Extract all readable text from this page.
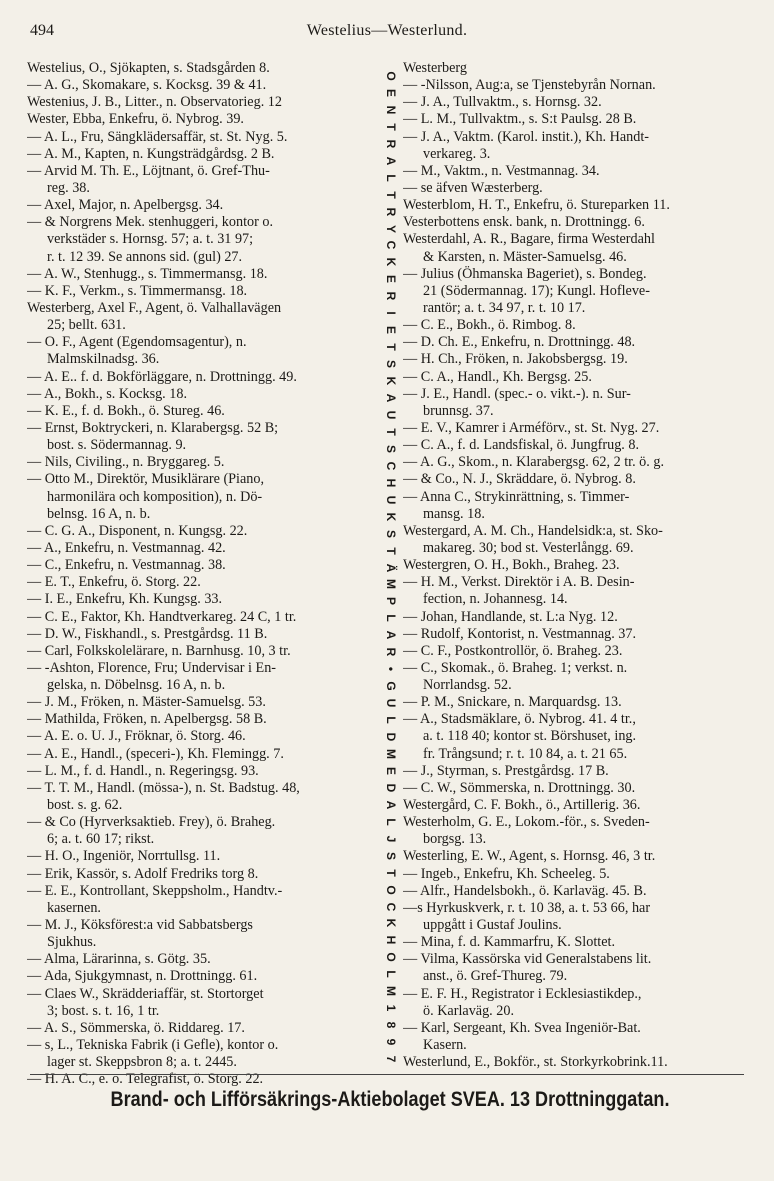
494	Westelius—Westerlund.
Westelius, O., Sjökapten, s. Stadsgården 8.
— A. G., Skomakare, s. Kocksg. 39 & 41.
Westenius, J. B., Litter., n. Observatorieg. 12
Wester, Ebba, Enkefru, ö. Nybrog. 39.
— A. L., Fru, Sängklädersaffär, st. St. Nyg. 5.
— A. M., Kapten, n. Kungsträdgårdsg. 2 B.
— Arvid M. Th. E., Löjtnant, ö. Gref-Thu-
reg. 38.
— Axel, Major, n. Apelbergsg. 34.
— & Norgrens Mek. stenhuggeri, kontor o.
verkstäder s. Hornsg. 57; a. t. 31 97;
r. t. 12 39. Se annons sid. (gul) 27.
— A. W., Stenhugg., s. Timmermansg. 18.
— K. F., Verkm., s. Timmermansg. 18.
Westerberg, Axel F., Agent, ö. Valhallavägen
25; bellt. 631.
— O. F., Agent (Egendomsagentur), n.
Malmskilnadsg. 36.
— A. E.. f. d. Bokförläggare, n. Drottningg. 49.
— A., Bokh., s. Kocksg. 18.
— K. E., f. d. Bokh., ö. Stureg. 46.
— Ernst, Boktryckeri, n. Klarabergsg. 52 B;
bost. s. Södermannag. 9.
— Nils, Civiling., n. Bryggareg. 5.
— Otto M., Direktör, Musiklärare (Piano,
harmonilära och komposition), n. Dö-
belnsg. 16 A, n. b.
— C. G. A., Disponent, n. Kungsg. 22.
— A., Enkefru, n. Vestmannag. 42.
— C., Enkefru, n. Vestmannag. 38.
— E. T., Enkefru, ö. Storg. 22.
— I. E., Enkefru, Kh. Kungsg. 33.
— C. E., Faktor, Kh. Handtverkareg. 24 C, 1 tr.
— D. W., Fiskhandl., s. Prestgårdsg. 11 B.
— Carl, Folkskolelärare, n. Barnhusg. 10, 3 tr.
— -Ashton, Florence, Fru; Undervisar i En-
gelska, n. Döbelnsg. 16 A, n. b.
— J. M., Fröken, n. Mäster-Samuelsg. 53.
— Mathilda, Fröken, n. Apelbergsg. 58 B.
— A. E. o. U. J., Fröknar, ö. Storg. 46.
— A. E., Handl., (speceri-), Kh. Flemingg. 7.
— L. M., f. d. Handl., n. Regeringsg. 93.
— T. T. M., Handl. (mössa-), n. St. Badstug. 48,
bost. s. g. 62.
— & Co (Hyrverksaktieb. Frey), ö. Braheg.
6; a. t. 60 17; rikst.
— H. O., Ingeniör, Norrtullsg. 11.
— Erik, Kassör, s. Adolf Fredriks torg 8.
— E. E., Kontrollant, Skeppsholm., Handtv.-
kasernen.
— M. J., Köksförest:a vid Sabbatsbergs
Sjukhus.
— Alma, Lärarinna, s. Götg. 35.
— Ada, Sjukgymnast, n. Drottningg. 61.
— Claes W., Skrädderiaffär, st. Stortorget
3; bost. s. t. 16, 1 tr.
— A. S., Sömmerska, ö. Riddareg. 17.
— s, L., Tekniska Fabrik (i Gefle), kontor o.
lager st. Skeppsbron 8; a. t. 2445.
— H. A. C., e. o. Telegrafist, ö. Storg. 22.
O
E
N
T
R
A
L
T
R
Y
C
K
E
R
I
E
T
S
K
A
U
T
S
C
H
U
K
S
T
Ä
M
P
L
A
R
•
G
U
L
D
M
E
D
A
L
J
S
T
O
C
K
H
O
L
M
1
8
9
7
Westerberg
— -Nilsson, Aug:a, se Tjenstebyrån Nornan.
— J. A., Tullvaktm., s. Hornsg. 32.
— L. M., Tullvaktm., s. S:t Paulsg. 28 B.
— J. A., Vaktm. (Karol. instit.), Kh. Handt-
verkareg. 3.
— M., Vaktm., n. Vestmannag. 34.
— se äfven Wæsterberg.
Westerblom, H. T., Enkefru, ö. Stureparken 11.
Vesterbottens ensk. bank, n. Drottningg. 6.
Westerdahl, A. R., Bagare, firma Westerdahl
& Karsten, n. Mäster-Samuelsg. 46.
— Julius (Öhmanska Bageriet), s. Bondeg.
21 (Södermannag. 17); Kungl. Hofleve-
rantör; a. t. 34 97, r. t. 10 17.
— C. E., Bokh., ö. Rimbog. 8.
— D. Ch. E., Enkefru, n. Drottningg. 48.
— H. Ch., Fröken, n. Jakobsbergsg. 19.
— C. A., Handl., Kh. Bergsg. 25.
— J. E., Handl. (spec.- o. vikt.-). n. Sur-
brunnsg. 37.
— E. V., Kamrer i Arméförv., st. St. Nyg. 27.
— C. A., f. d. Landsfiskal, ö. Jungfrug. 8.
— A. G., Skom., n. Klarabergsg. 62, 2 tr. ö. g.
— & Co., N. J., Skräddare, ö. Nybrog. 8.
— Anna C., Strykinrättning, s. Timmer-
mansg. 18.
Westergard, A. M. Ch., Handelsidk:a, st. Sko-
makareg. 30; bod st. Vesterlångg. 69.
Westergren, O. H., Bokh., Braheg. 23.
— H. M., Verkst. Direktör i A. B. Desin-
fection, n. Johannesg. 14.
— Johan, Handlande, st. L:a Nyg. 12.
— Rudolf, Kontorist, n. Vestmannag. 37.
— C. F., Postkontrollör, ö. Braheg. 23.
— C., Skomak., ö. Braheg. 1; verkst. n.
Norrlandsg. 52.
— P. M., Snickare, n. Marquardsg. 13.
— A., Stadsmäklare, ö. Nybrog. 41. 4 tr.,
a. t. 118 40; kontor st. Börshuset, ing.
fr. Trångsund; r. t. 10 84, a. t. 21 65.
— J., Styrman, s. Prestgårdsg. 17 B.
— C. W., Sömmerska, n. Drottningg. 30.
Westergård, C. F. Bokh., ö., Artillerig. 36.
Westerholm, G. E., Lokom.-för., s. Sveden-
borgsg. 13.
Westerling, E. W., Agent, s. Hornsg. 46, 3 tr.
— Ingeb., Enkefru, Kh. Scheeleg. 5.
— Alfr., Handelsbokh., ö. Karlaväg. 45. B.
—s Hyrkuskverk, r. t. 10 38, a. t. 53 66, har
uppgått i Gustaf Joulins.
— Mina, f. d. Kammarfru, K. Slottet.
— Vilma, Kassörska vid Generalstabens lit.
anst., ö. Gref-Thureg. 79.
— E. F. H., Registrator i Ecklesiastikdep.,
ö. Karlaväg. 20.
— Karl, Sergeant, Kh. Svea Ingeniör-Bat.
Kasern.
Westerlund, E., Bokför., st. Storkyrkobrink.11.
Brand- och Lifförsäkrings-Aktiebolaget SVEA. 13 Drottninggatan.
